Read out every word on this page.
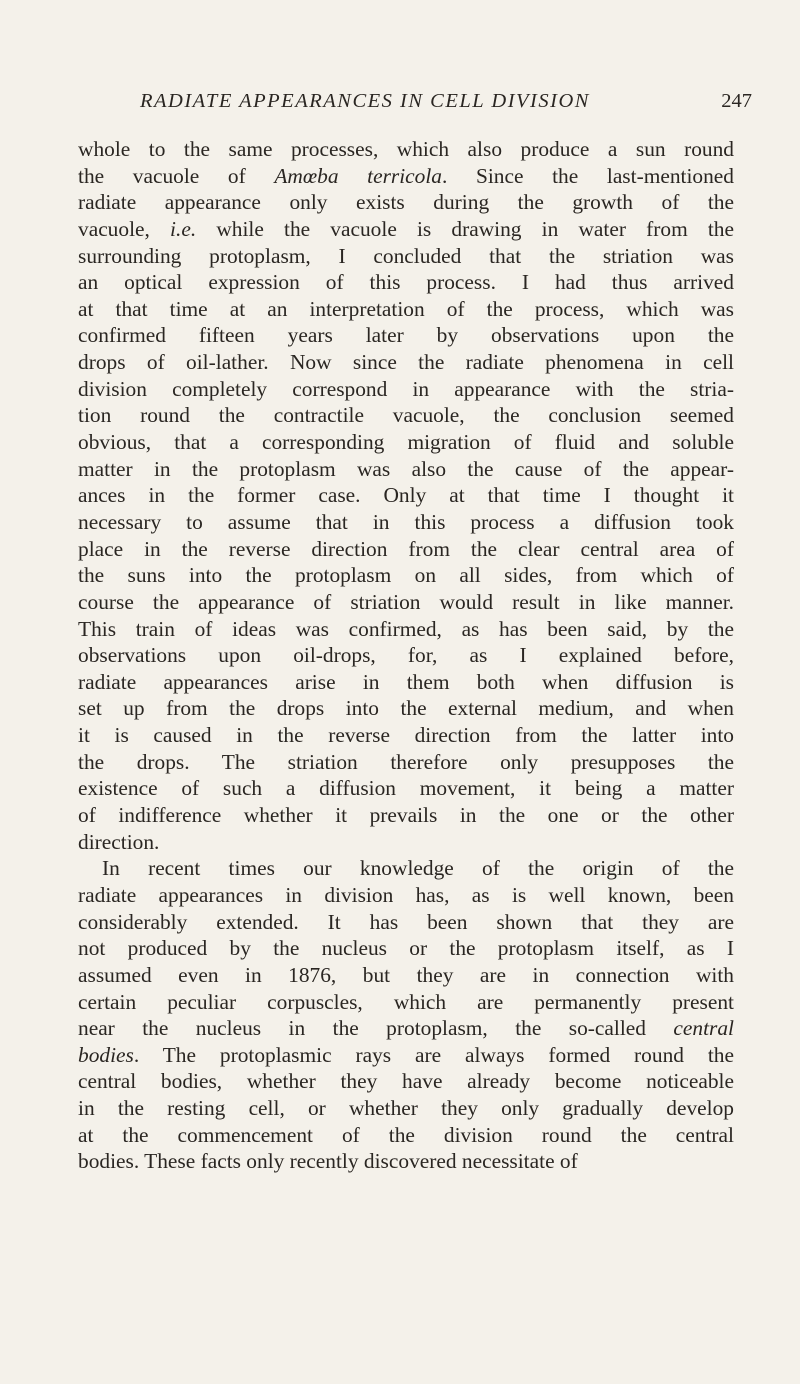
RADIATE APPEARANCES IN CELL DIVISION	247

whole to the same processes, which also produce a sun round
the vacuole of Amœba terricola. Since the last-mentioned
radiate appearance only exists during the growth of the
vacuole, i.e. while the vacuole is drawing in water from the
surrounding protoplasm, I concluded that the striation was
an optical expression of this process. I had thus arrived
at that time at an interpretation of the process, which was
confirmed fifteen years later by observations upon the
drops of oil-lather. Now since the radiate phenomena in cell
division completely correspond in appearance with the stria-
tion round the contractile vacuole, the conclusion seemed
obvious, that a corresponding migration of fluid and soluble
matter in the protoplasm was also the cause of the appear-
ances in the former case. Only at that time I thought it
necessary to assume that in this process a diffusion took
place in the reverse direction from the clear central area of
the suns into the protoplasm on all sides, from which of
course the appearance of striation would result in like manner.
This train of ideas was confirmed, as has been said, by the
observations upon oil-drops, for, as I explained before,
radiate appearances arise in them both when diffusion is
set up from the drops into the external medium, and when
it is caused in the reverse direction from the latter into
the drops. The striation therefore only presupposes the
existence of such a diffusion movement, it being a matter
of indifference whether it prevails in the one or the other
direction.

In recent times our knowledge of the origin of the
radiate appearances in division has, as is well known, been
considerably extended. It has been shown that they are
not produced by the nucleus or the protoplasm itself, as I
assumed even in 1876, but they are in connection with
certain peculiar corpuscles, which are permanently present
near the nucleus in the protoplasm, the so-called central
bodies. The protoplasmic rays are always formed round the
central bodies, whether they have already become noticeable
in the resting cell, or whether they only gradually develop
at the commencement of the division round the central
bodies. These facts only recently discovered necessitate of
